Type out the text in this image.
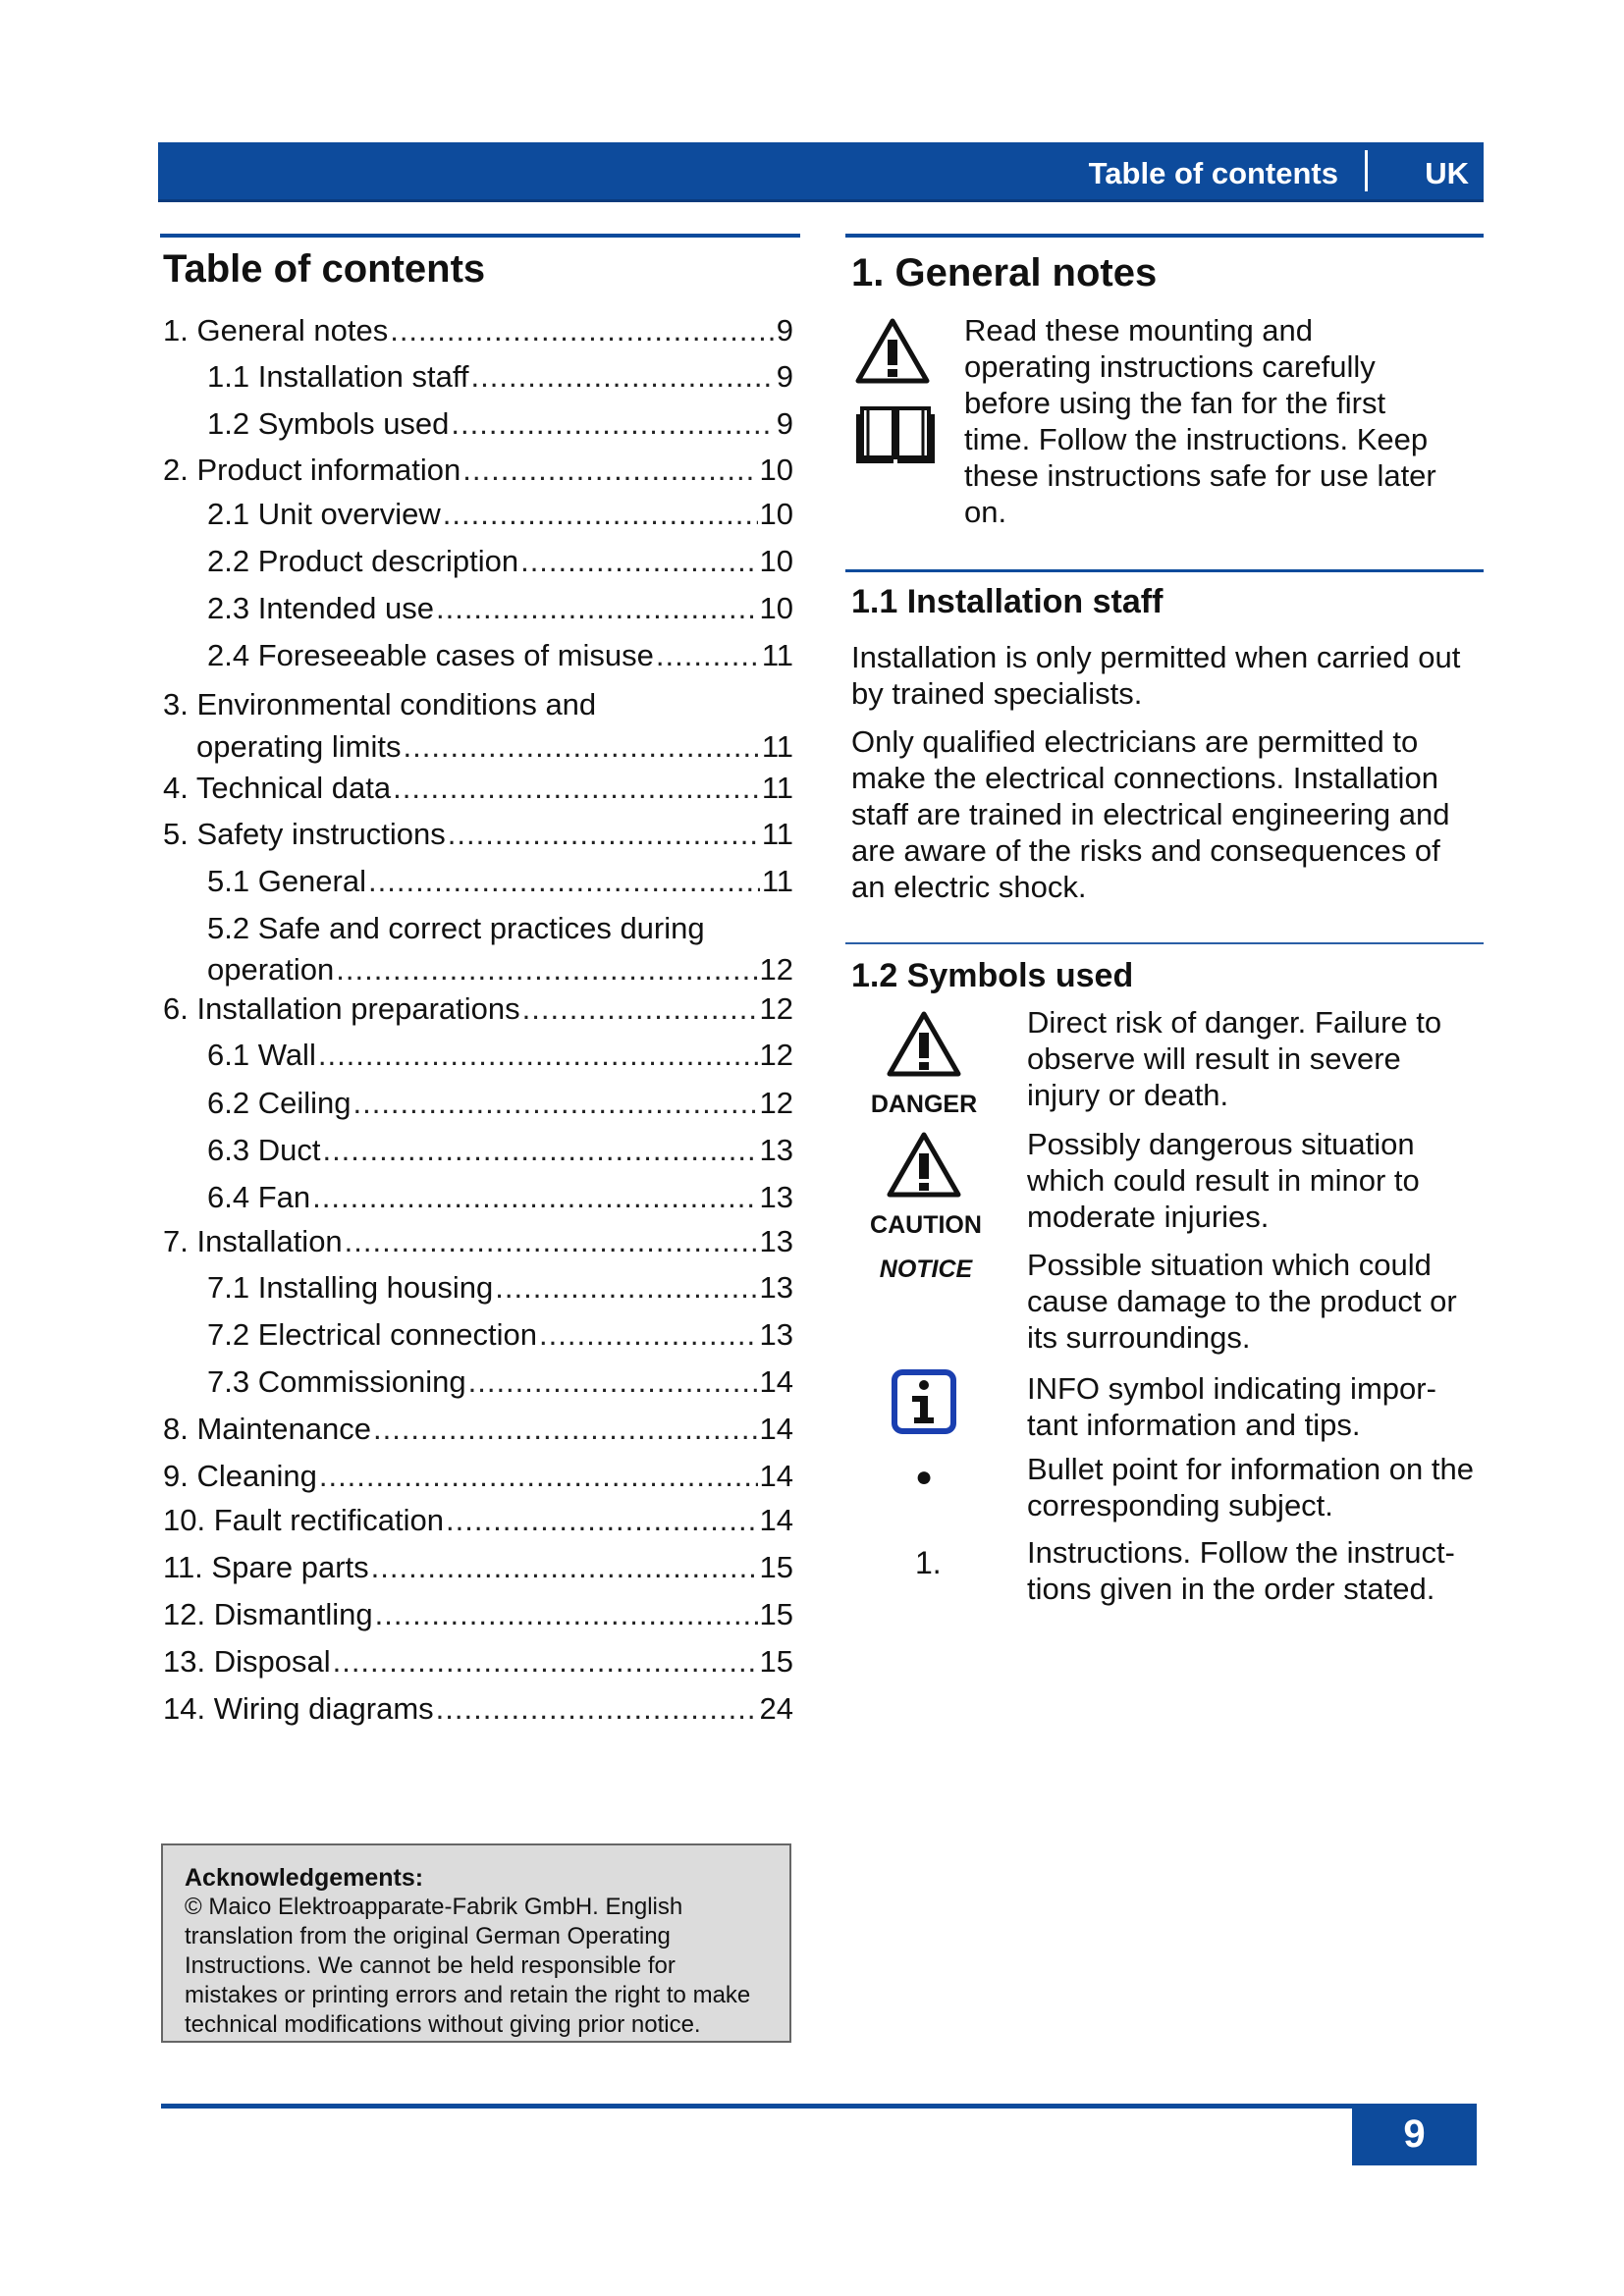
Table of contents	UK
Table of contents
1. General notes .....	9
1.1 Installation staff .....	9
1.2 Symbols used .....	9
2. Product information .....	10
2.1 Unit overview .....	10
2.2 Product description .....	10
2.3 Intended use .....	10
2.4 Foreseeable cases of misuse .....	11
3. Environmental conditions and
operating limits .....	11
4. Technical data .....	11
5. Safety instructions .....	11
5.1 General .....	11
5.2 Safe and correct practices during
operation .....	12
6. Installation preparations .....	12
6.1 Wall .....	12
6.2 Ceiling .....	12
6.3 Duct .....	13
6.4 Fan .....	13
7. Installation .....	13
7.1 Installing housing .....	13
7.2 Electrical connection .....	13
7.3 Commissioning .....	14
8. Maintenance .....	14
9. Cleaning .....	14
10. Fault rectification .....	14
11. Spare parts .....	15
12. Dismantling .....	15
13. Disposal .....	15
14. Wiring diagrams .....	24
1. General notes
Read these mounting and
operating instructions carefully
before using the fan for the first
time. Follow the instructions. Keep
these instructions safe for use later
on.
1.1 Installation staff
Installation is only permitted when carried out
by trained specialists.
Only qualified electricians are permitted to
make the electrical connections. Installation
staff are trained in electrical engineering and
are aware of the risks and consequences of
an electric shock.
1.2 Symbols used
DANGER
Direct risk of danger. Failure to
observe will result in severe
injury or death.
CAUTION
Possibly dangerous situation
which could result in minor to
moderate injuries.
NOTICE	Possible situation which could
cause damage to the product or
its surroundings.
INFO symbol indicating impor-
tant information and tips.
●	Bullet point for information on the
corresponding subject.
1.	Instructions. Follow the instruct-
tions given in the order stated.
Acknowledgements:
© Maico Elektroapparate-Fabrik GmbH. English
translation from the original German Operating
Instructions. We cannot be held responsible for
mistakes or printing errors and retain the right to make
technical modifications without giving prior notice.
9
